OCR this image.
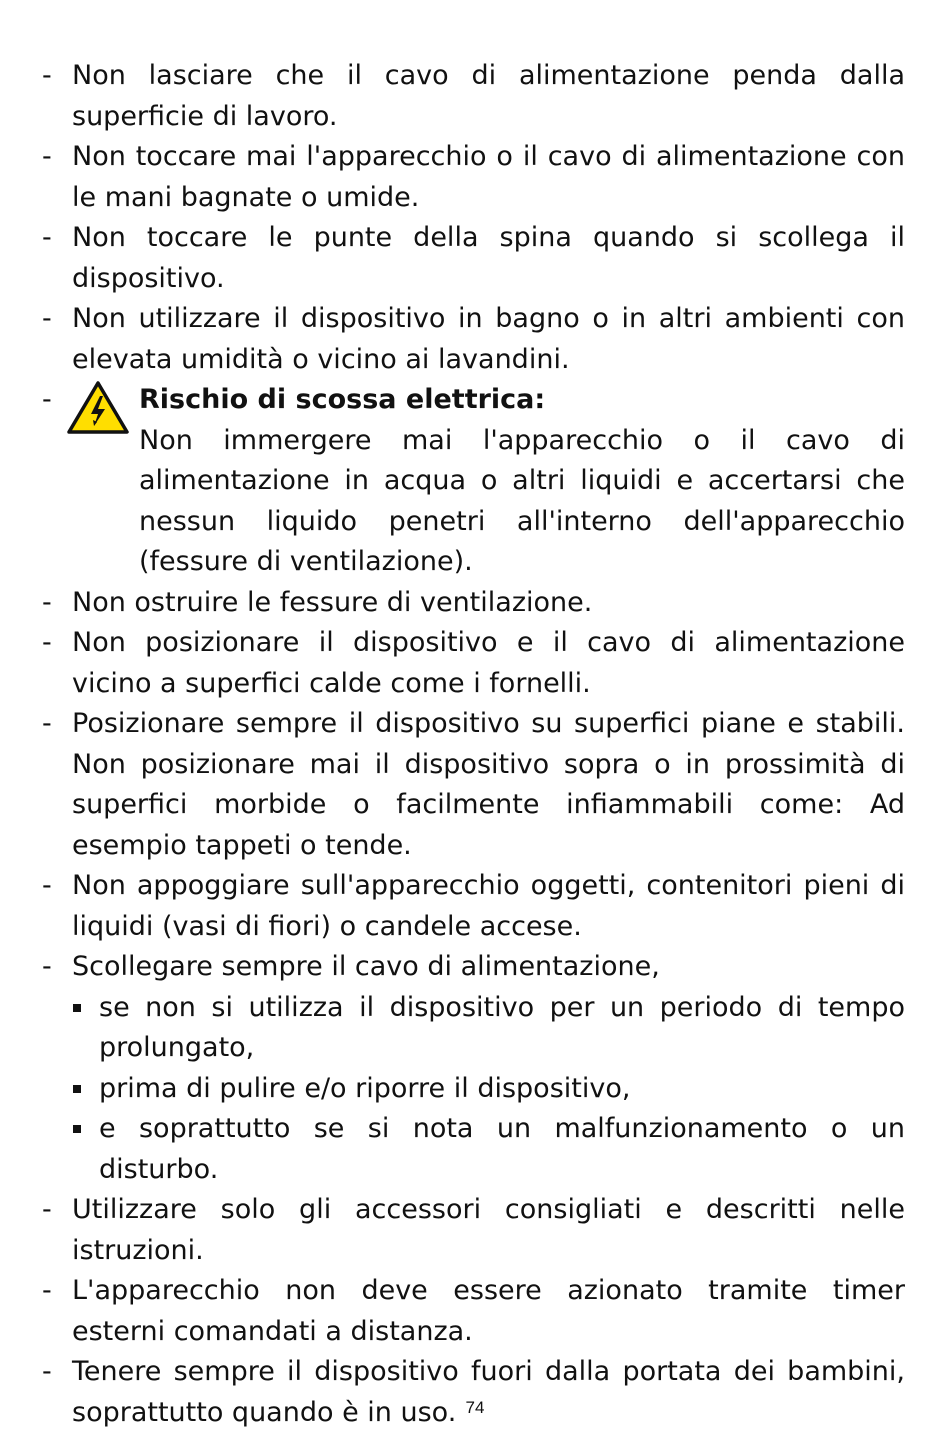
- Non lasciare che il cavo di alimentazione penda dalla superficie di lavoro.
- Non toccare mai l'apparecchio o il cavo di alimentazione con le mani bagnate o umide.
- Non toccare le punte della spina quando si scollega il dispositivo.
- Non utilizzare il dispositivo in bagno o in altri ambienti con elevata umidità o vicino ai lavandini.
-	Rischio di scossa elettrica:
Non immergere mai l'apparecchio o il cavo di alimentazione in acqua o altri liquidi e accertarsi che nessun liquido penetri all'interno dell'apparecchio (fessure di ventilazione).
- Non ostruire le fessure di ventilazione.
- Non posizionare il dispositivo e il cavo di alimentazione vicino a superfici calde come i fornelli.
- Posizionare sempre il dispositivo su superfici piane e stabili. Non posizionare mai il dispositivo sopra o in prossimità di superfici morbide o facilmente infiammabili come: Ad esempio tappeti o tende.
- Non appoggiare sull'apparecchio oggetti, contenitori pieni di liquidi (vasi di fiori) o candele accese.
- Scollegare sempre il cavo di alimentazione,
se non si utilizza il dispositivo per un periodo di tempo prolungato,
prima di pulire e/o riporre il dispositivo,
e soprattutto se si nota un malfunzionamento o un disturbo.
- Utilizzare solo gli accessori consigliati e descritti nelle istruzioni.
- L'apparecchio non deve essere azionato tramite timer esterni comandati a distanza.
- Tenere sempre il dispositivo fuori dalla portata dei bambini, soprattutto quando è in uso. 74
